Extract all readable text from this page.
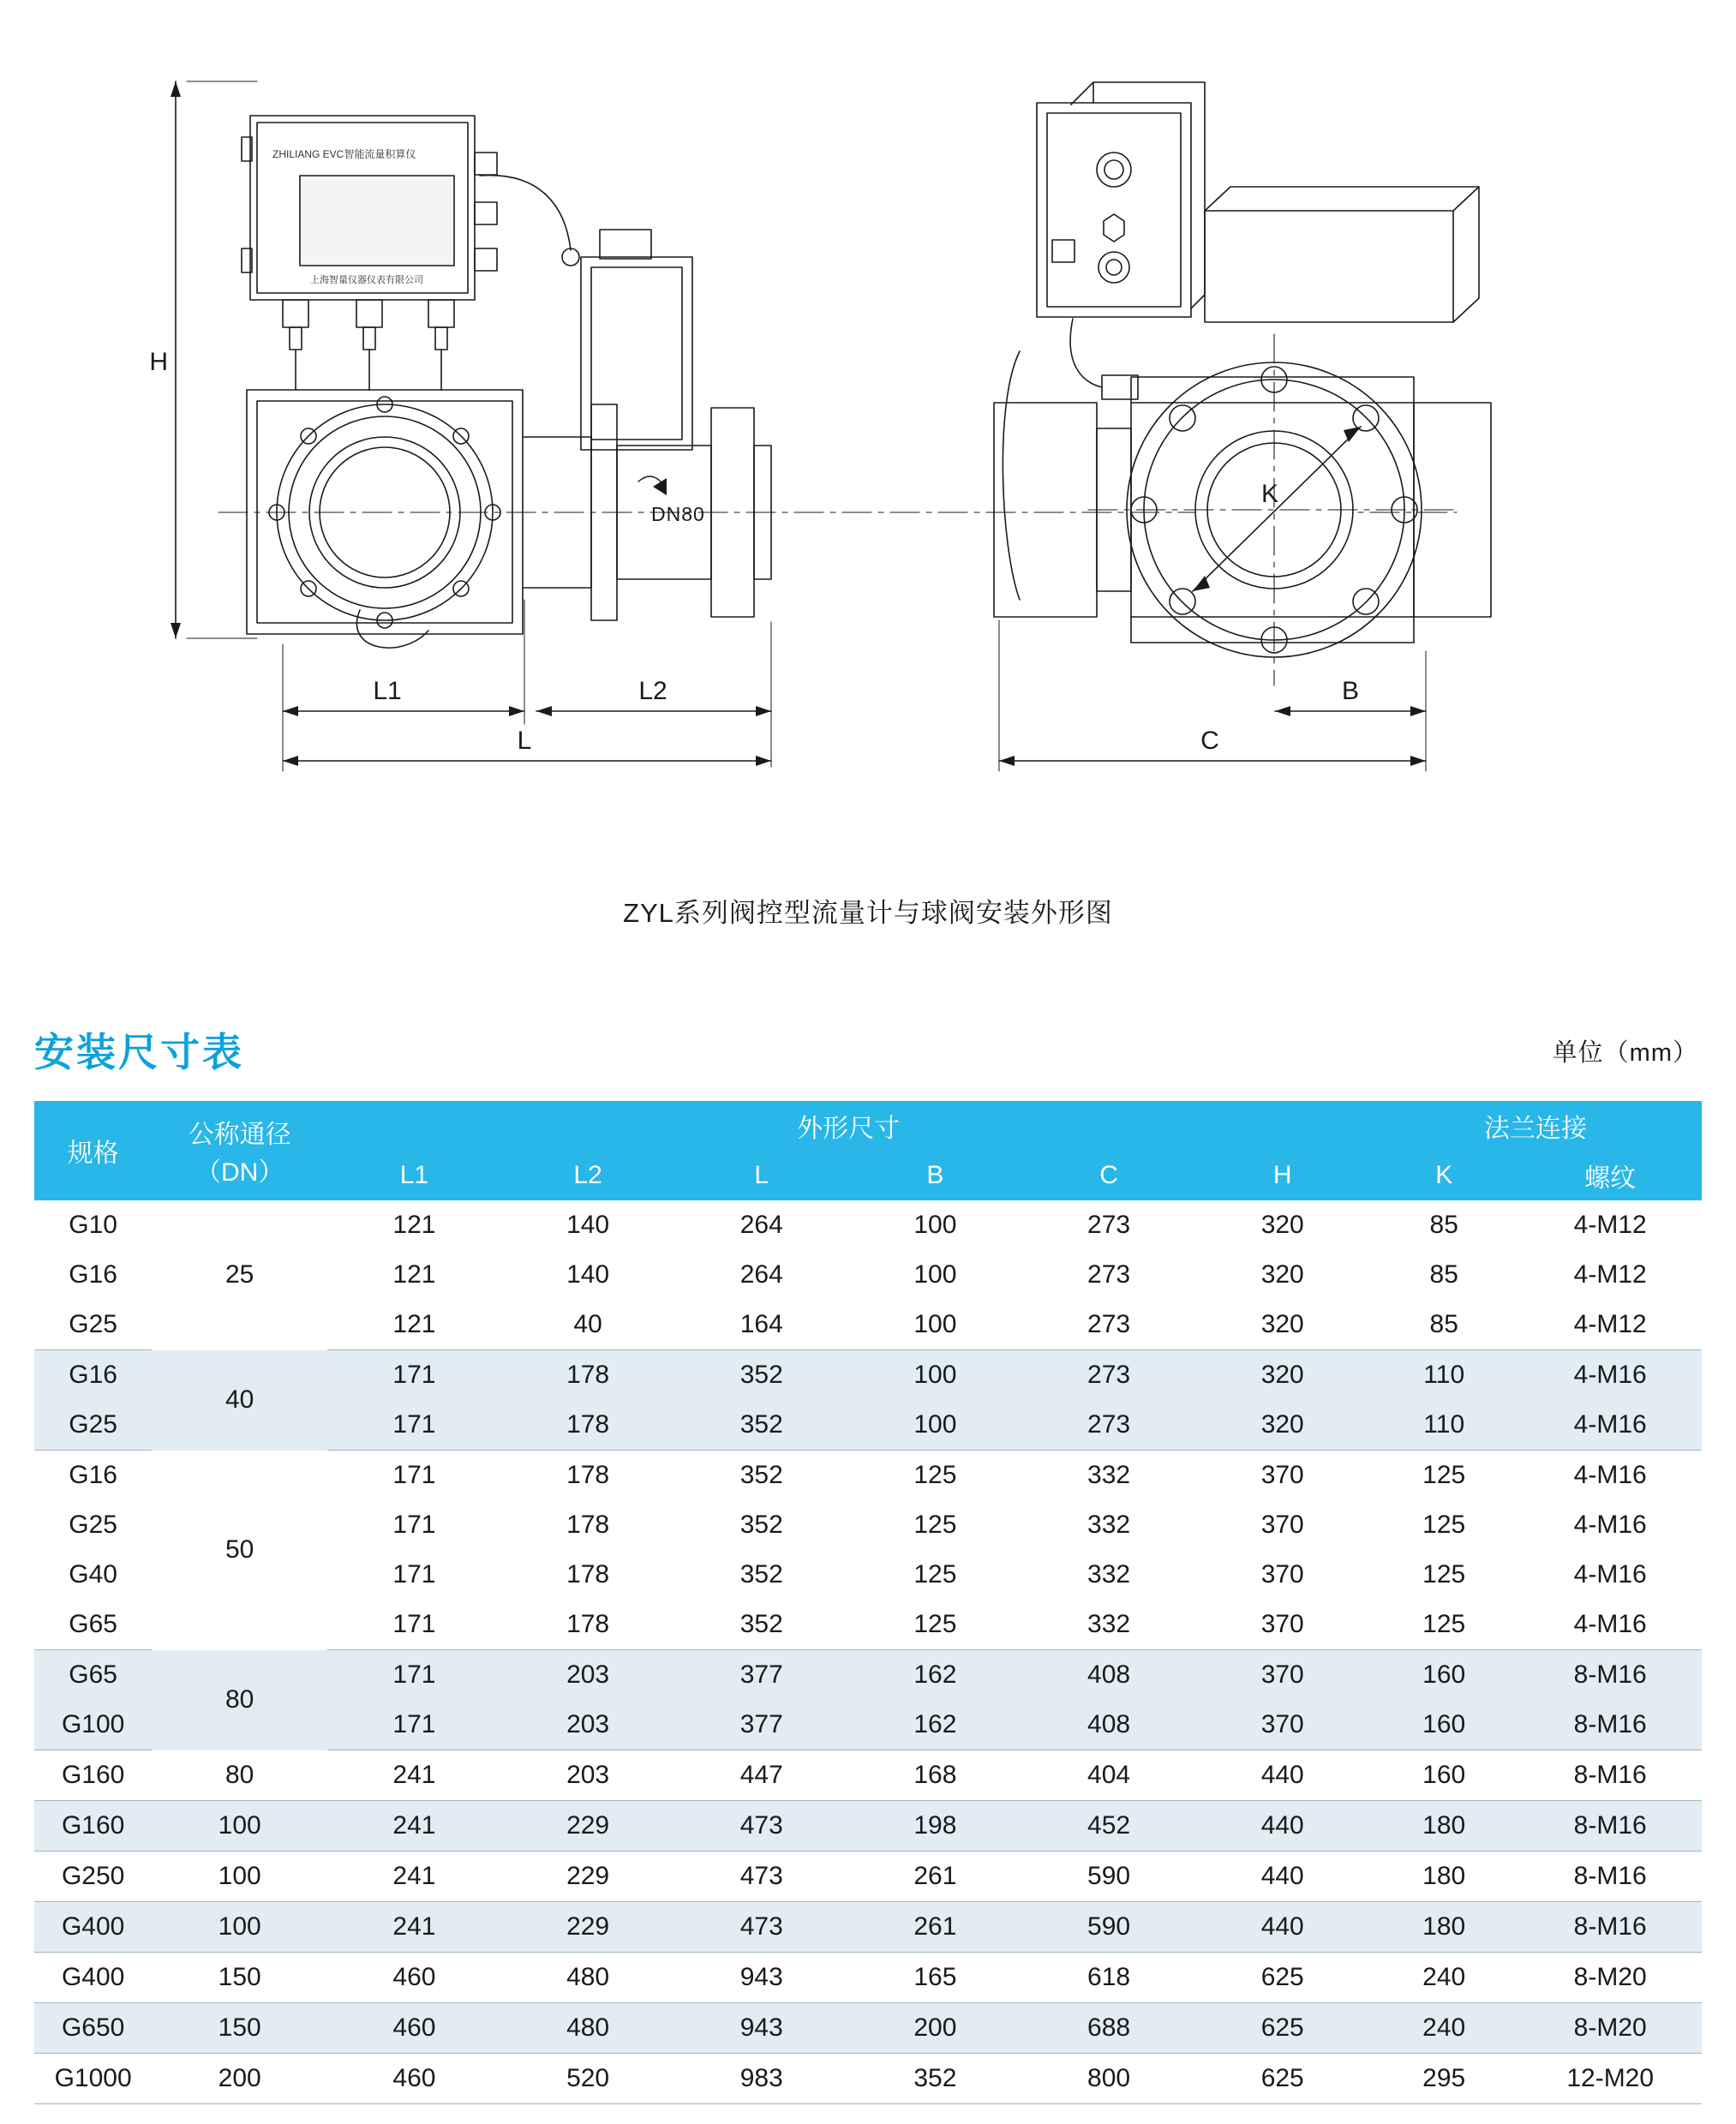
H
L1	L2
L
B
C
K
DN80
ZHILIANG EVC智能流量积算仪
上海智量仪器仪表有限公司
ZYL系列阀控型流量计与球阀安装外形图
安装尺寸表	单位（mm）
规格	公称通径
（DN）	外形尺寸						法兰连接	
		L1	L2	L	B	C	H	K	螺纹
G10	25	121	140	264	100	273	320	85	4-M12
G16		121	140	264	100	273	320	85	4-M12
G25		121	40	164	100	273	320	85	4-M12
G16	40	171	178	352	100	273	320	110	4-M16
G25		171	178	352	100	273	320	110	4-M16
G16	50	171	178	352	125	332	370	125	4-M16
G25		171	178	352	125	332	370	125	4-M16
G40		171	178	352	125	332	370	125	4-M16
G65		171	178	352	125	332	370	125	4-M16
G65	80	171	203	377	162	408	370	160	8-M16
G100		171	203	377	162	408	370	160	8-M16
G160	80	241	203	447	168	404	440	160	8-M16
G160	100	241	229	473	198	452	440	180	8-M16
G250	100	241	229	473	261	590	440	180	8-M16
G400	100	241	229	473	261	590	440	180	8-M16
G400	150	460	480	943	165	618	625	240	8-M20
G650	150	460	480	943	200	688	625	240	8-M20
G1000	200	460	520	983	352	800	625	295	12-M20
